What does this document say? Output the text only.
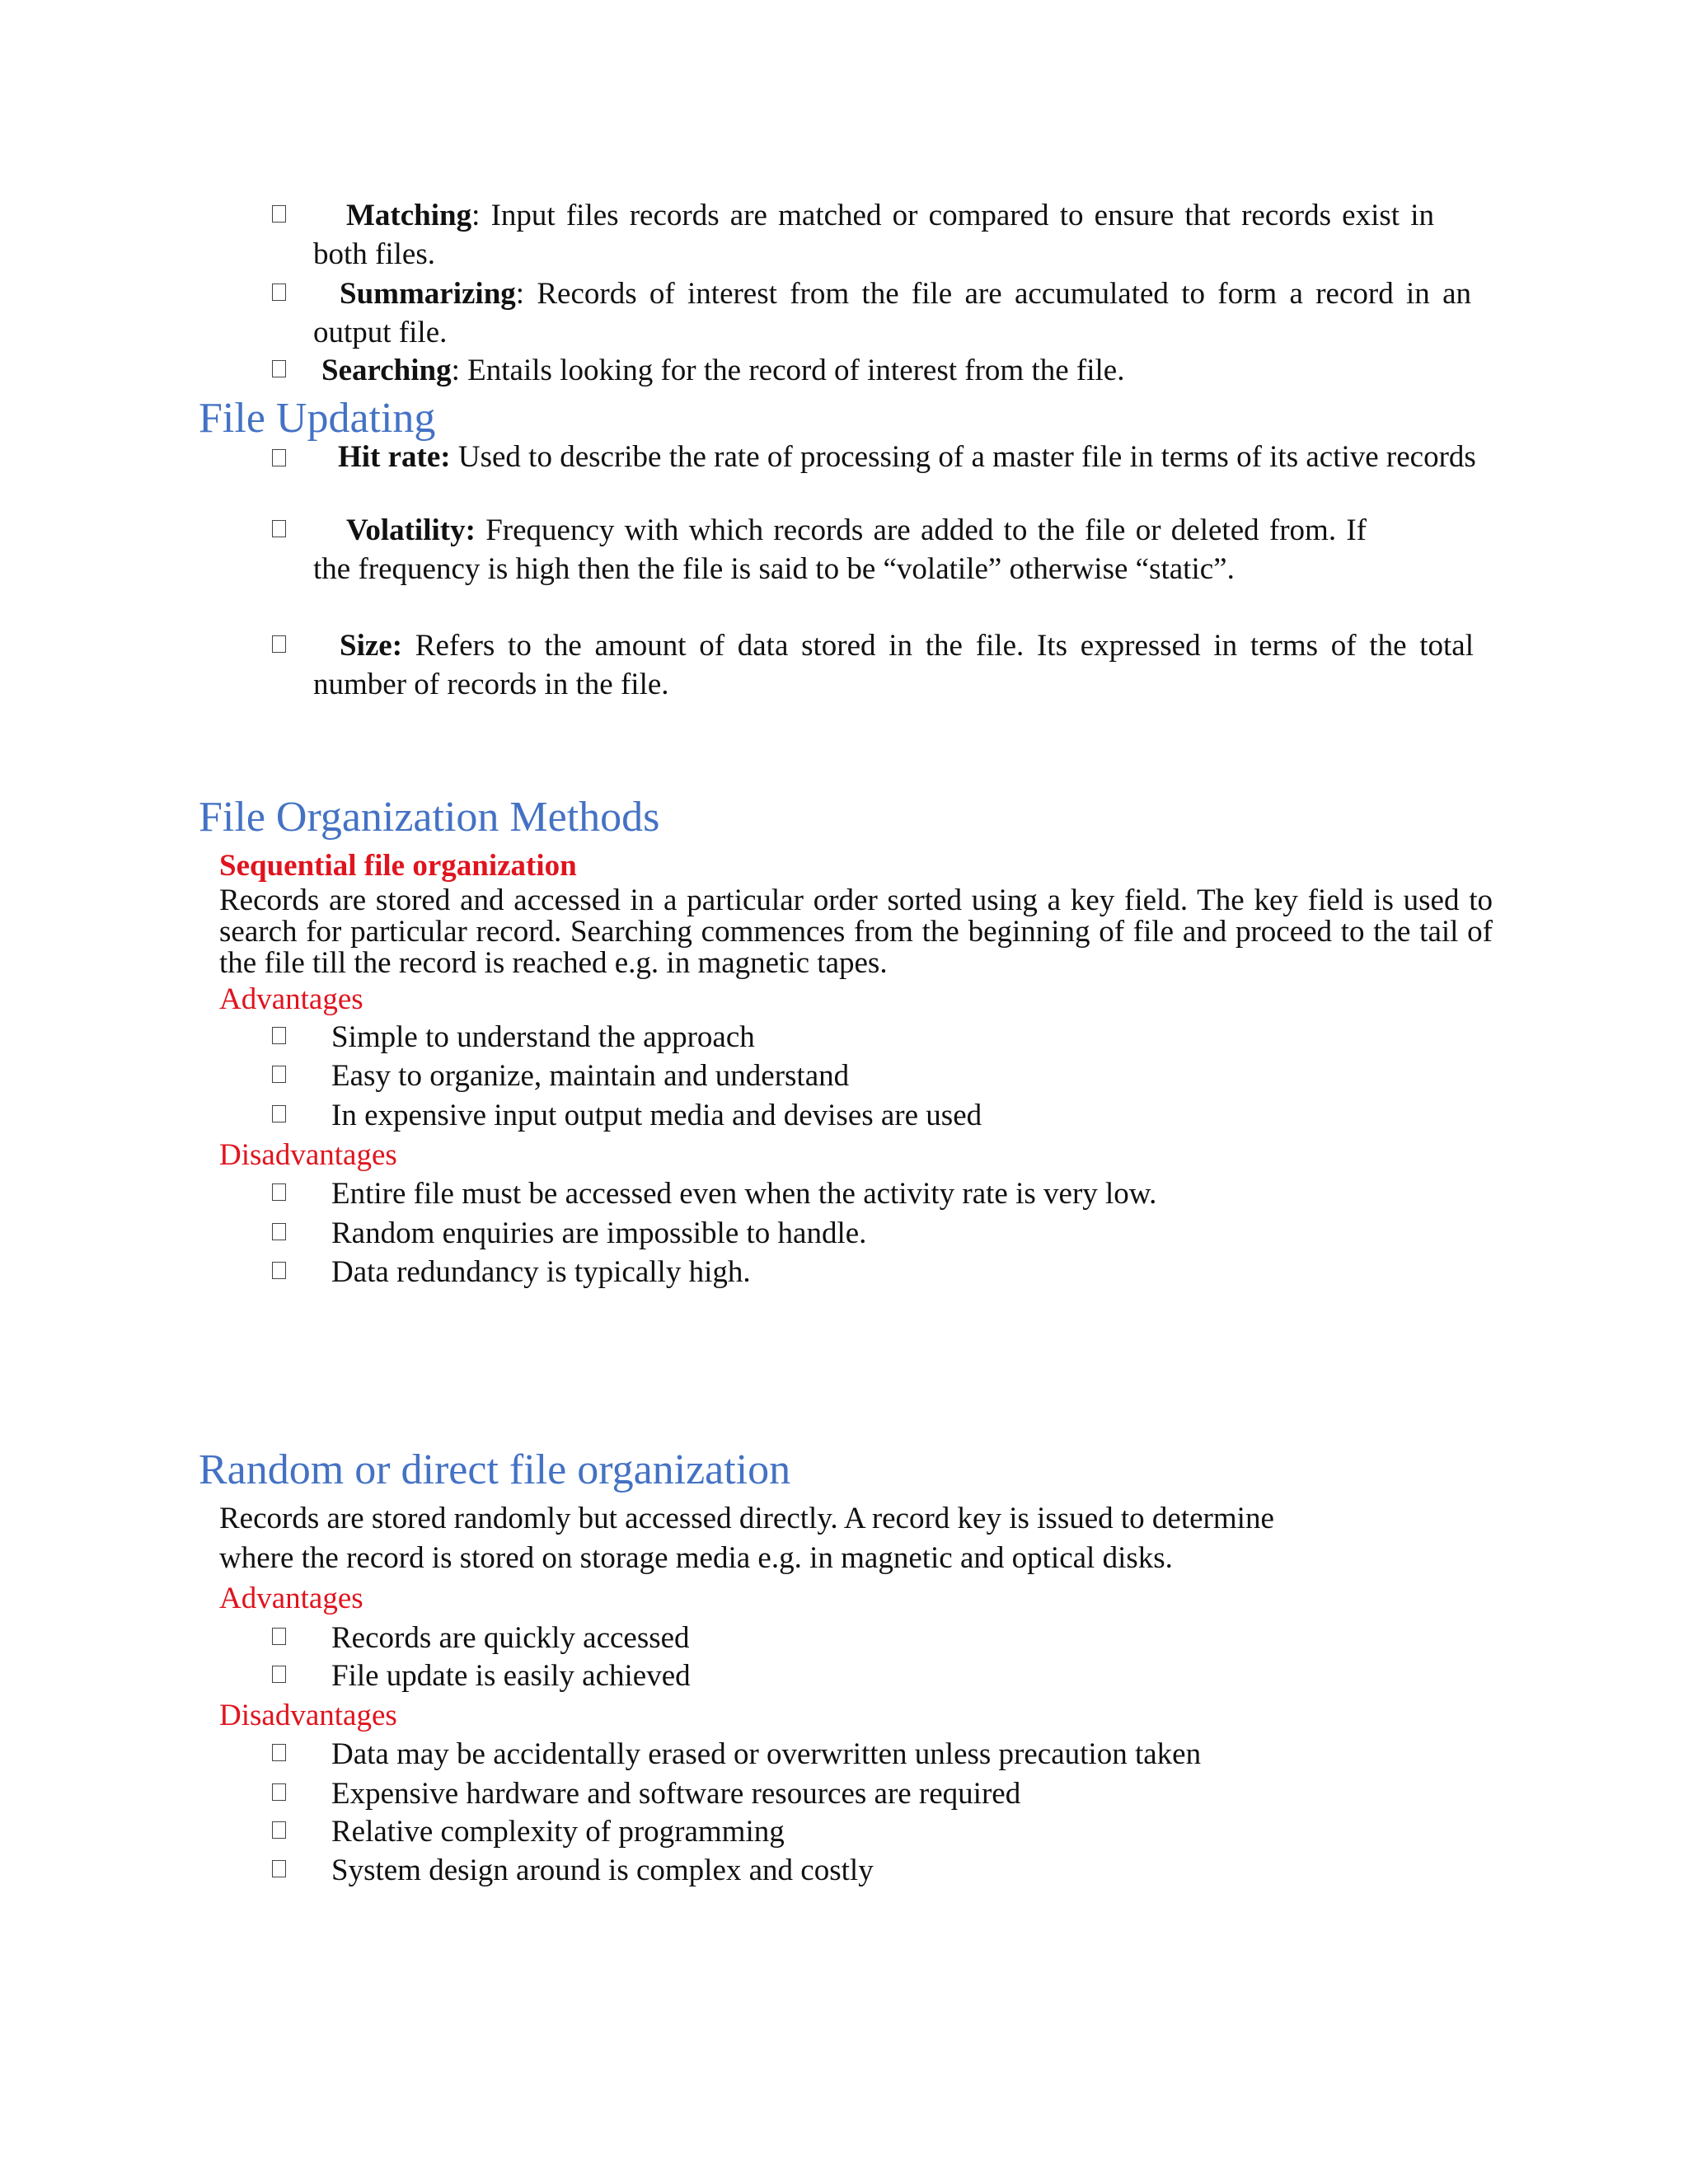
Matching: Input files records are matched or compared to ensure that records exist in both files.

Summarizing: Records of interest from the file are accumulated to form a record in an output file.

Searching: Entails looking for the record of interest from the file.

File Updating

Hit rate: Used to describe the rate of processing of a master file in terms of its active records

Volatility: Frequency with which records are added to the file or deleted from. If the frequency is high then the file is said to be “volatile” otherwise “static”.

Size: Refers to the amount of data stored in the file. Its expressed in terms of the total number of records in the file.

File Organization Methods

Sequential file organization

Records are stored and accessed in a particular order sorted using a key field. The key field is used to search for particular record. Searching commences from the beginning of file and proceed to the tail of the file till the record is reached e.g. in magnetic tapes.

Advantages

Simple to understand the approach

Easy to organize, maintain and understand

In expensive input output media and devises are used

Disadvantages

Entire file must be accessed even when the activity rate is very low.

Random enquiries are impossible to handle.

Data redundancy is typically high.

Random or direct file organization

Records are stored randomly but accessed directly. A record key is issued to determine

where the record is stored on storage media e.g. in magnetic and optical disks.

Advantages

Records are quickly accessed

File update is easily achieved

Disadvantages

Data may be accidentally erased or overwritten unless precaution taken

Expensive hardware and software resources are required

Relative complexity of programming

System design around is complex and costly
